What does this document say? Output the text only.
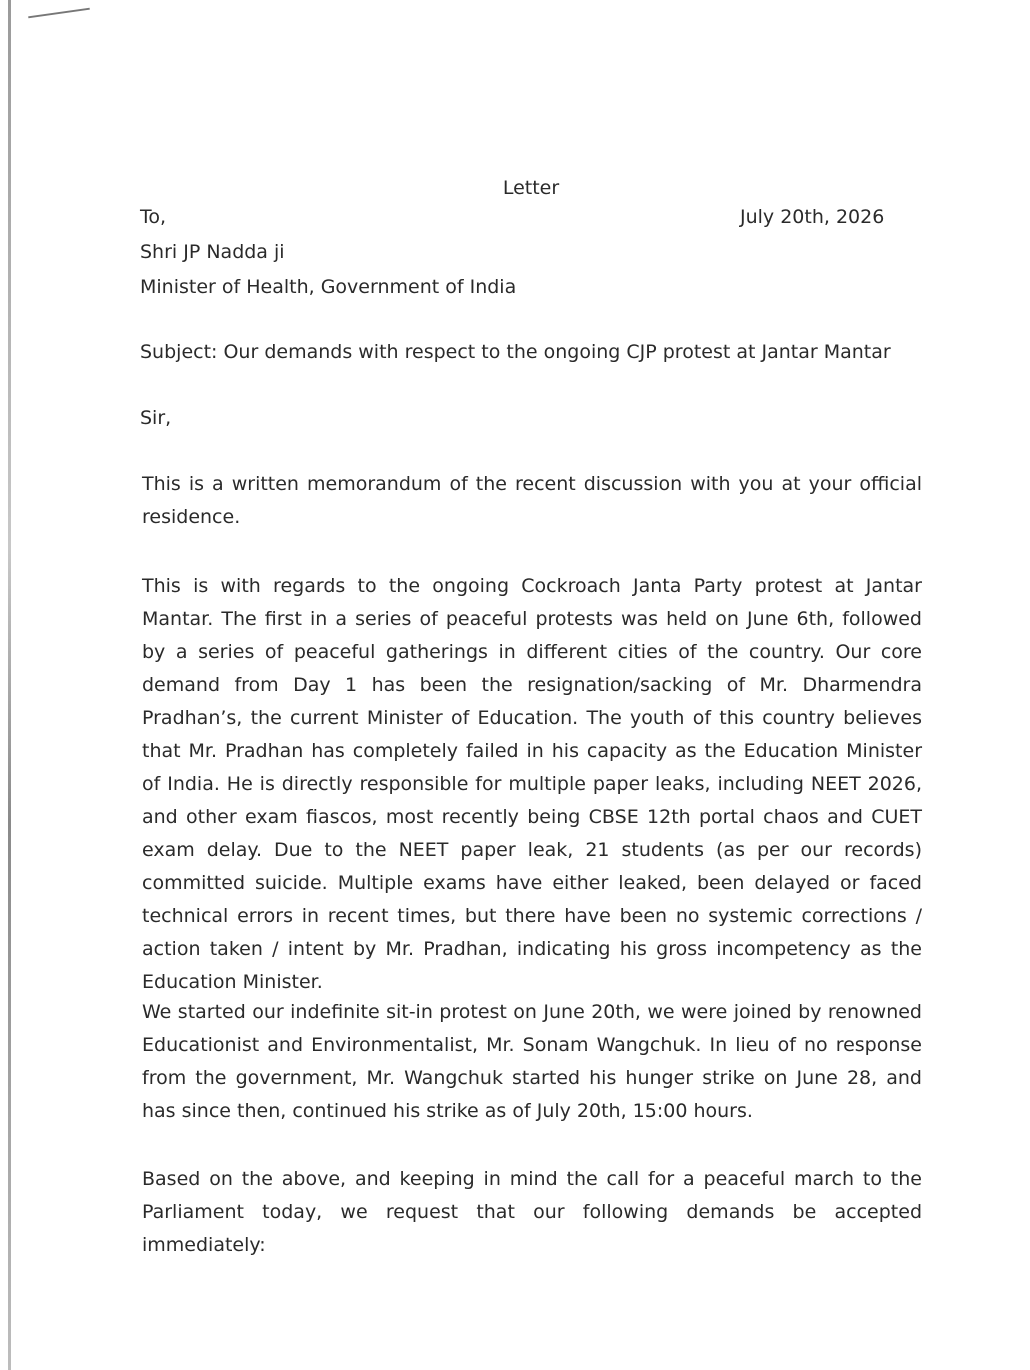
Letter
To,	July 20th, 2026
Shri JP Nadda ji
Minister of Health, Government of India
Subject: Our demands with respect to the ongoing CJP protest at Jantar Mantar
Sir,
This is a written memorandum of the recent discussion with you at your official residence.
This is with regards to the ongoing Cockroach Janta Party protest at Jantar Mantar. The first in a series of peaceful protests was held on June 6th, followed by a series of peaceful gatherings in different cities of the country. Our core demand from Day 1 has been the resignation/sacking of Mr. Dharmendra Pradhan’s, the current Minister of Education. The youth of this country believes that Mr. Pradhan has completely failed in his capacity as the Education Minister of India. He is directly responsible for multiple paper leaks, including NEET 2026, and other exam fiascos, most recently being CBSE 12th portal chaos and CUET exam delay. Due to the NEET paper leak, 21 students (as per our records) committed suicide. Multiple exams have either leaked, been delayed or faced technical errors in recent times, but there have been no systemic corrections / action taken / intent by Mr. Pradhan, indicating his gross incompetency as the Education Minister.
We started our indefinite sit-in protest on June 20th, we were joined by renowned Educationist and Environmentalist, Mr. Sonam Wangchuk. In lieu of no response from the government, Mr. Wangchuk started his hunger strike on June 28, and has since then, continued his strike as of July 20th, 15:00 hours.
Based on the above, and keeping in mind the call for a peaceful march to the Parliament today, we request that our following demands be accepted immediately:
